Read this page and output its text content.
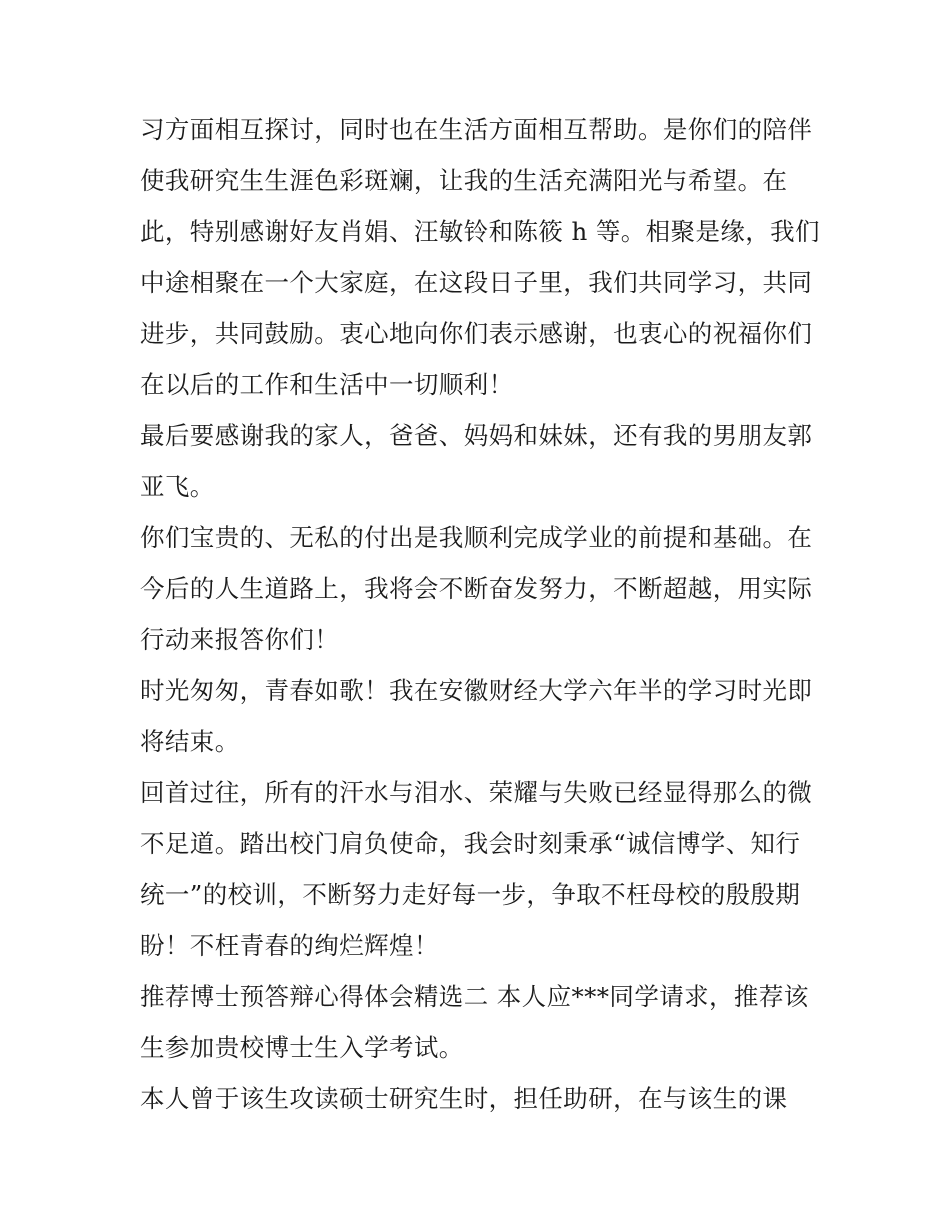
习方面相互探讨，同时也在生活方面相互帮助。是你们的陪伴
使我研究生生涯色彩斑斓，让我的生活充满阳光与希望。在
此，特别感谢好友肖娟、汪敏铃和陈筱 h 等。相聚是缘，我们
中途相聚在一个大家庭，在这段日子里，我们共同学习，共同
进步，共同鼓励。衷心地向你们表示感谢，也衷心的祝福你们
在以后的工作和生活中一切顺利！
最后要感谢我的家人，爸爸、妈妈和妹妹，还有我的男朋友郭
亚飞。
你们宝贵的、无私的付出是我顺利完成学业的前提和基础。在
今后的人生道路上，我将会不断奋发努力，不断超越，用实际
行动来报答你们！
时光匆匆，青春如歌！我在安徽财经大学六年半的学习时光即
将结束。
回首过往，所有的汗水与泪水、荣耀与失败已经显得那么的微
不足道。踏出校门肩负使命，我会时刻秉承“诚信博学、知行
统一”的校训，不断努力走好每一步，争取不枉母校的殷殷期
盼！不枉青春的绚烂辉煌！
推荐博士预答辩心得体会精选二 本人应***同学请求，推荐该
生参加贵校博士生入学考试。
本人曾于该生攻读硕士研究生时，担任助研，在与该生的课
